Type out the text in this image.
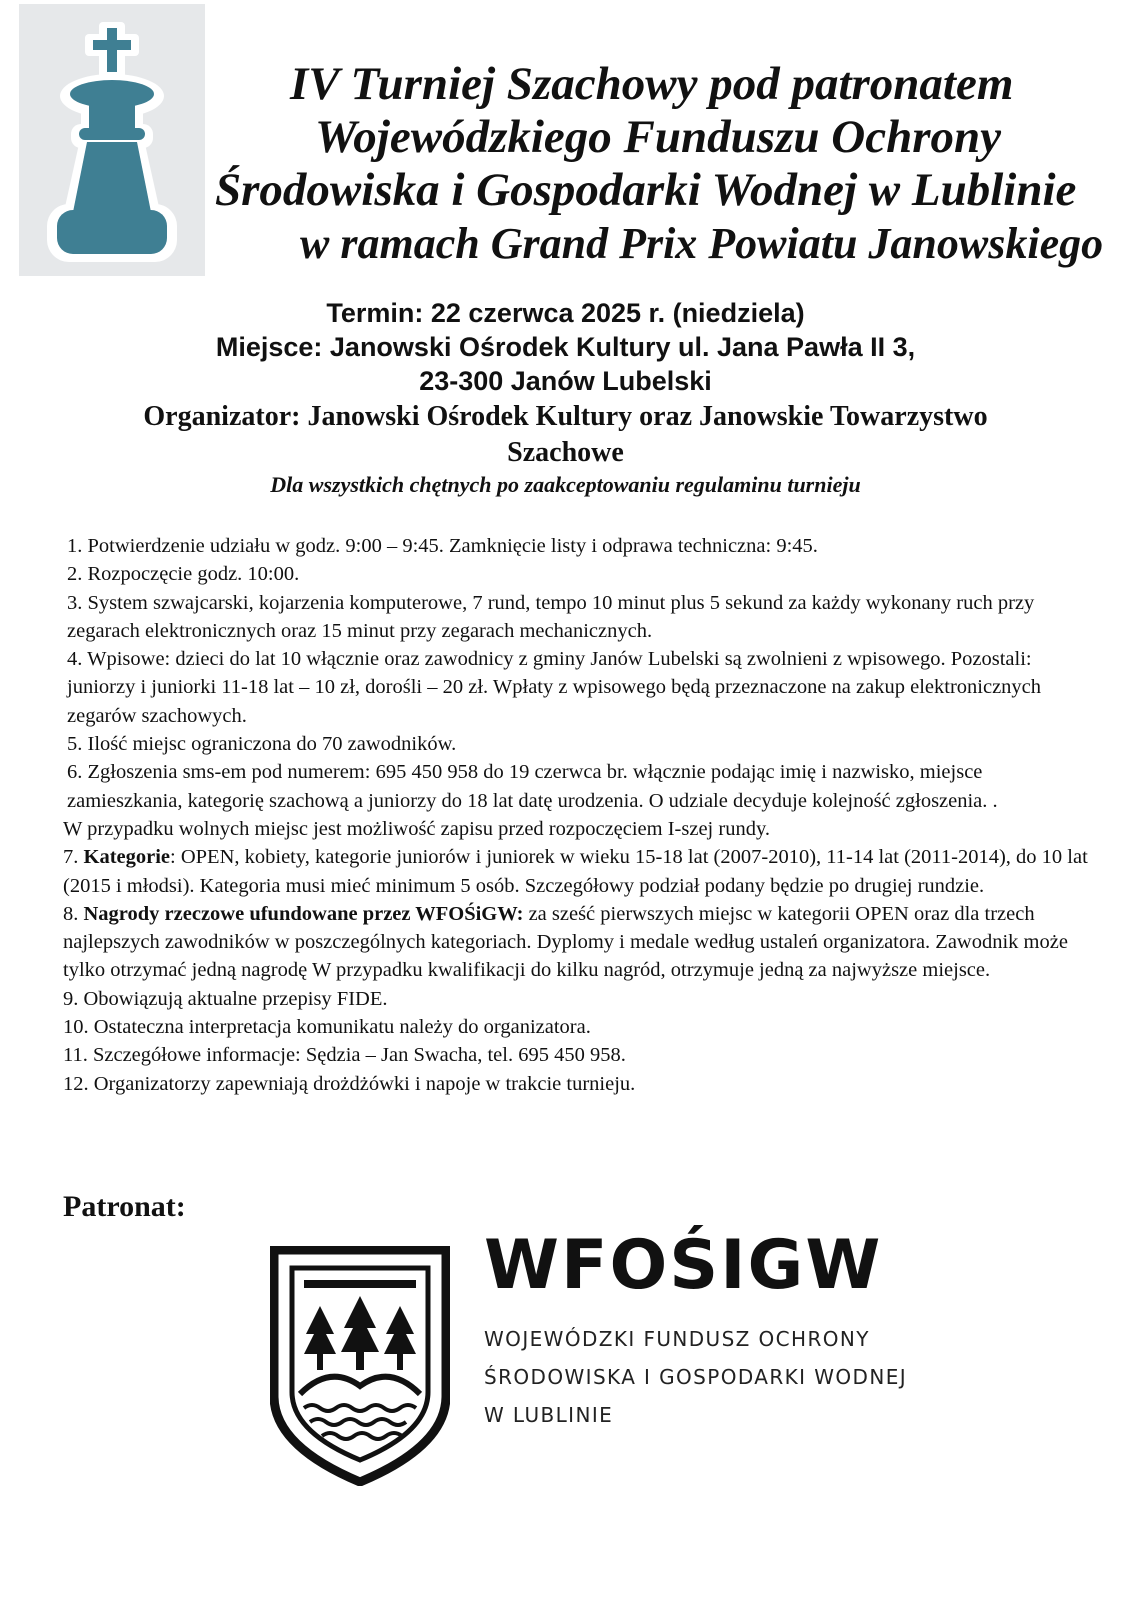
IV Turniej Szachowy pod patronatem
Wojewódzkiego Funduszu Ochrony
Środowiska i Gospodarki Wodnej w Lublinie
w ramach Grand Prix Powiatu Janowskiego
Termin: 22 czerwca 2025 r. (niedziela)
Miejsce: Janowski Ośrodek Kultury ul. Jana Pawła II 3,
23-300 Janów Lubelski
Organizator: Janowski Ośrodek Kultury oraz Janowskie Towarzystwo
Szachowe
Dla wszystkich chętnych po zaakceptowaniu regulaminu turnieju
1. Potwierdzenie udziału w godz. 9:00 – 9:45. Zamknięcie listy i odprawa techniczna: 9:45.
2. Rozpoczęcie godz. 10:00.
3. System szwajcarski, kojarzenia komputerowe, 7 rund, tempo 10 minut plus 5 sekund za każdy wykonany ruch przy zegarach elektronicznych oraz 15 minut przy zegarach mechanicznych.
4. Wpisowe: dzieci do lat 10 włącznie oraz zawodnicy z gminy Janów Lubelski są zwolnieni z wpisowego. Pozostali: juniorzy i juniorki 11-18 lat – 10 zł, dorośli – 20 zł. Wpłaty z wpisowego będą przeznaczone na zakup elektronicznych zegarów szachowych.
5. Ilość miejsc ograniczona do 70 zawodników.
6. Zgłoszenia sms-em pod numerem: 695 450 958 do 19 czerwca br. włącznie podając imię i nazwisko, miejsce zamieszkania, kategorię szachową a juniorzy do 18 lat datę urodzenia. O udziale decyduje kolejność zgłoszenia. .
W przypadku wolnych miejsc jest możliwość zapisu przed rozpoczęciem I-szej rundy.
7. Kategorie: OPEN, kobiety, kategorie juniorów i juniorek w wieku 15-18 lat (2007-2010), 11-14 lat (2011-2014), do 10 lat (2015 i młodsi). Kategoria musi mieć minimum 5 osób. Szczegółowy podział podany będzie po drugiej rundzie.
8. Nagrody rzeczowe ufundowane przez WFOŚiGW: za sześć pierwszych miejsc w kategorii OPEN oraz dla trzech najlepszych zawodników w poszczególnych kategoriach. Dyplomy i medale według ustaleń organizatora. Zawodnik może tylko otrzymać jedną nagrodę W przypadku kwalifikacji do kilku nagród, otrzymuje jedną za najwyższe miejsce.
9. Obowiązują aktualne przepisy FIDE.
10. Ostateczna interpretacja komunikatu należy do organizatora.
11. Szczegółowe informacje: Sędzia – Jan Swacha, tel. 695 450 958.
12. Organizatorzy zapewniają drożdżówki i napoje w trakcie turnieju.
Patronat:
WFOŚIGW
WOJEWÓDZKI FUNDUSZ OCHRONY
ŚRODOWISKA I GOSPODARKI WODNEJ
W LUBLINIE
